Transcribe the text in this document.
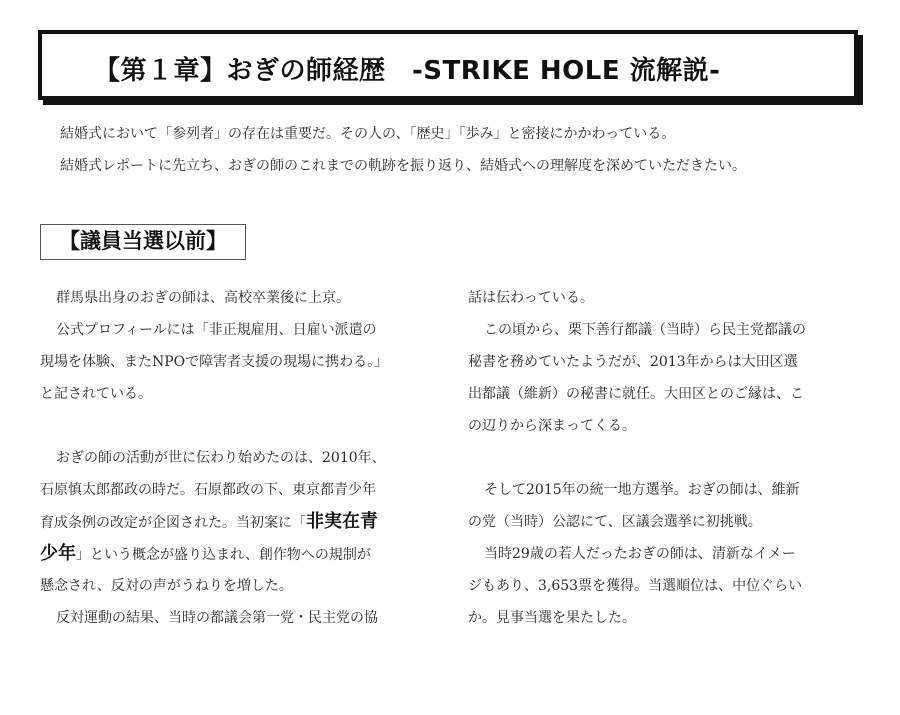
【第１章】おぎの師経歴　-STRIKE HOLE 流解説-

結婚式において「参列者」の存在は重要だ。その人の、「歴史」「歩み」と密接にかかわっている。

結婚式レポートに先立ち、おぎの師のこれまでの軌跡を振り返り、結婚式への理解度を深めていただきたい。

【議員当選以前】
群馬県出身のおぎの師は、高校卒業後に上京。
公式プロフィールには「非正規雇用、日雇い派遣の
現場を体験、またNPOで障害者支援の現場に携わる。」
と記されている。
おぎの師の活動が世に伝わり始めたのは、2010年、
石原慎太郎都政の時だ。石原都政の下、東京都青少年
育成条例の改定が企図された。当初案に「非実在青
少年」という概念が盛り込まれ、創作物への規制が
懸念され、反対の声がうねりを増した。
反対運動の結果、当時の都議会第一党・民主党の協
話は伝わっている。
この頃から、栗下善行都議（当時）ら民主党都議の
秘書を務めていたようだが、2013年からは大田区選
出都議（維新）の秘書に就任。大田区とのご縁は、こ
の辺りから深まってくる。
そして2015年の統一地方選挙。おぎの師は、維新
の党（当時）公認にて、区議会選挙に初挑戦。
当時29歳の若人だったおぎの師は、清新なイメー
ジもあり、3,653票を獲得。当選順位は、中位ぐらい
か。見事当選を果たした。
